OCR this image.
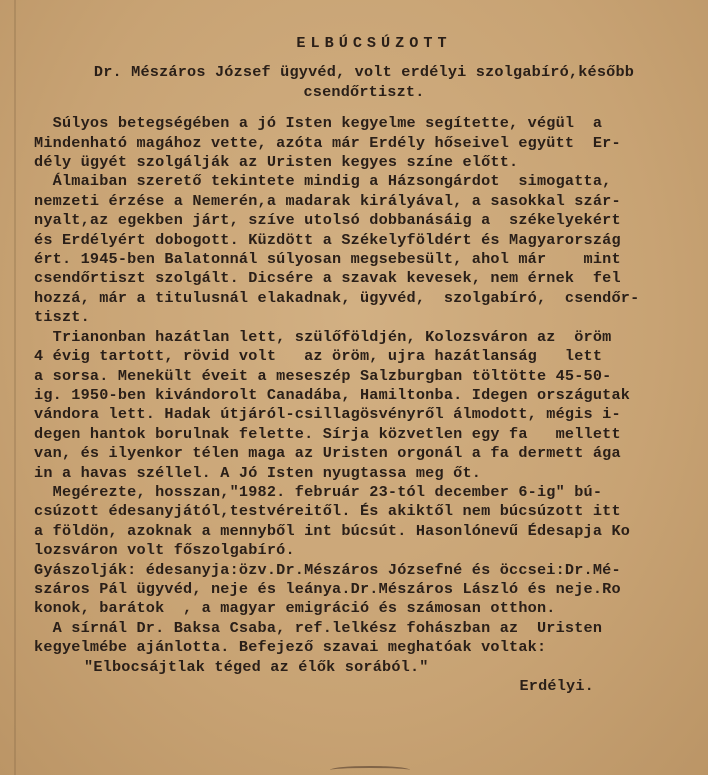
ELBÚCSÚZOTT
Dr. Mészáros József ügyvéd, volt erdélyi szolgabíró,később
csendőrtiszt.
Súlyos betegségében a jó Isten kegyelme segítette, végül  a
Mindenható magához vette, azóta már Erdély hőseivel együtt  Er-
dély ügyét szolgálják az Uristen kegyes színe előtt.
Álmaiban szerető tekintete mindig a Házsongárdot  simogatta,
nemzeti érzése a Nemerén,a madarak királyával, a sasokkal szár-
nyalt,az egekben járt, szíve utolsó dobbanásáig a  székelyekért
és Erdélyért dobogott. Küzdött a Székelyföldért és Magyarország
ért. 1945-ben Balatonnál súlyosan megsebesült, ahol már    mint
csendőrtiszt szolgált. Dicsére a szavak kevesek, nem érnek  fel
hozzá, már a titulusnál elakadnak, ügyvéd,  szolgabíró,  csendőr-
tiszt.
Trianonban hazátlan lett, szülőföldjén, Kolozsváron az  öröm
4 évig tartott, rövid volt   az öröm, ujra hazátlanság   lett
a sorsa. Menekült éveit a meseszép Salzburgban töltötte 45-50-
ig. 1950-ben kivándorolt Canadába, Hamiltonba. Idegen országutak
vándora lett. Hadak útjáról-csillagösvényről álmodott, mégis i-
degen hantok borulnak felette. Sírja közvetlen egy fa   mellett
van, és ilyenkor télen maga az Uristen orgonál a fa dermett ága
in a havas széllel. A Jó Isten nyugtassa meg őt.
Megérezte, hosszan,"1982. február 23-tól december 6-ig" bú-
csúzott édesanyjától,testvéreitől. És akiktől nem búcsúzott itt
a földön, azoknak a mennyből int búcsút. Hasonlónevű Édesapja Ko
lozsváron volt főszolgabíró.
Gyászolják: édesanyja:özv.Dr.Mészáros Józsefné és öccsei:Dr.Mé-
száros Pál ügyvéd, neje és leánya.Dr.Mészáros László és neje.Ro
konok, barátok  , a magyar emigráció és számosan otthon.
A sírnál Dr. Baksa Csaba, ref.lelkész fohászban az  Uristen
kegyelmébe ajánlotta. Befejező szavai meghatóak voltak:
"Elbocsájtlak téged az élők sorából."
Erdélyi.
